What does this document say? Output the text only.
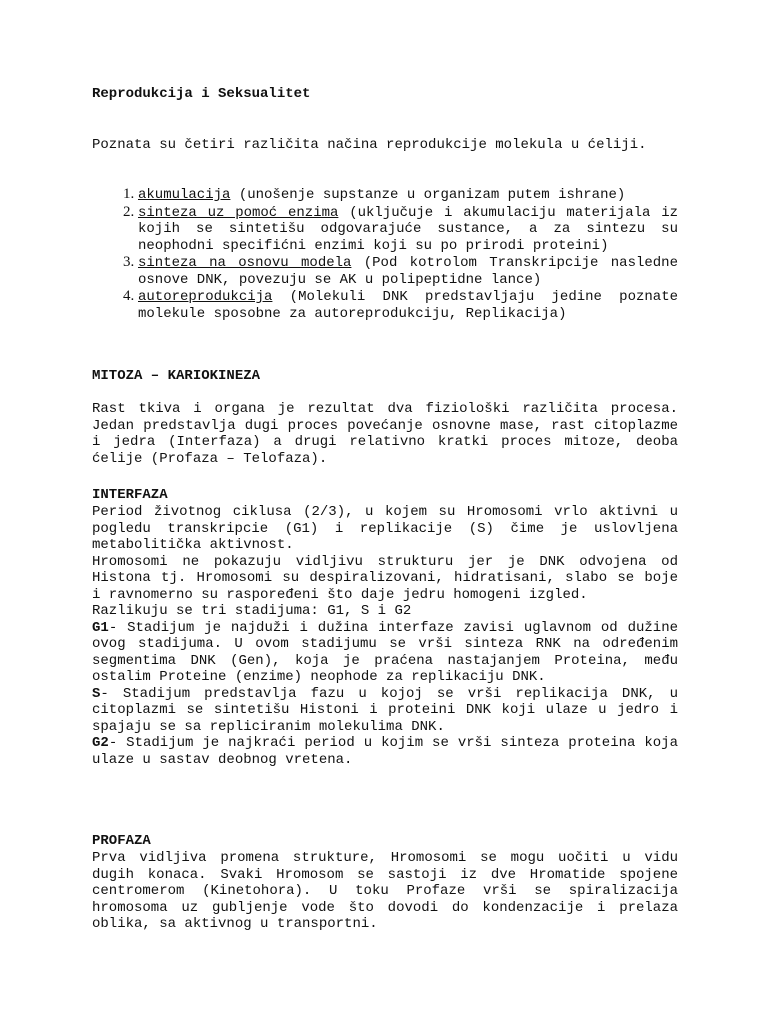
Reprodukcija i Seksualitet
Poznata su četiri različita načina reprodukcije molekula u ćeliji.
1. akumulacija (unošenje supstanze u organizam putem ishrane)
2. sinteza uz pomoć enzima (uključuje i akumulaciju materijala iz kojih se sintetišu odgovarajuće sustance, a za sintezu su neophodni specifićni enzimi koji su po prirodi proteini)
3. sinteza na osnovu modela (Pod kotrolom Transkripcije nasledne osnove DNK, povezuju se AK u polipeptidne lance)
4. autoreprodukcija (Molekuli DNK predstavljaju jedine poznate molekule sposobne za autoreprodukciju, Replikacija)
MITOZA – KARIOKINEZA
Rast tkiva i organa je rezultat dva fiziološki različita procesa. Jedan predstavlja dugi proces povećanje osnovne mase, rast citoplazme i jedra (Interfaza) a drugi relativno kratki proces mitoze, deoba ćelije (Profaza – Telofaza).
INTERFAZA

Period životnog ciklusa (2/3), u kojem su Hromosomi vrlo aktivni u pogledu transkripcie (G1) i replikacije (S) čime je uslovljena metabolitička aktivnost.

Hromosomi ne pokazuju vidljivu strukturu jer je DNK odvojena od Histona tj. Hromosomi su despiralizovani, hidratisani, slabo se boje i ravnomerno su raspoređeni što daje jedru homogeni izgled.

Razlikuju se tri stadijuma: G1, S i G2

G1- Stadijum je najduži i dužina interfaze zavisi uglavnom od dužine ovog stadijuma. U ovom stadijumu se vrši sinteza RNK na određenim segmentima DNK (Gen), koja je praćena nastajanjem Proteina, među ostalim Proteine (enzime) neophode za replikaciju DNK.

S- Stadijum predstavlja fazu u kojoj se vrši replikacija DNK, u citoplazmi se sintetišu Histoni i proteini DNK koji ulaze u jedro i spajaju se sa repliciranim molekulima DNK.

G2- Stadijum je najkraći period u kojim se vrši sinteza proteina koja ulaze u sastav deobnog vretena.

PROFAZA
Prva vidljiva promena strukture, Hromosomi se mogu uočiti u vidu dugih konaca. Svaki Hromosom se sastoji iz dve Hromatide spojene centromerom (Kinetohora). U toku Profaze vrši se spiralizacija hromosoma uz gubljenje vode što dovodi do kondenzacije i prelaza oblika, sa aktivnog u transportni.
